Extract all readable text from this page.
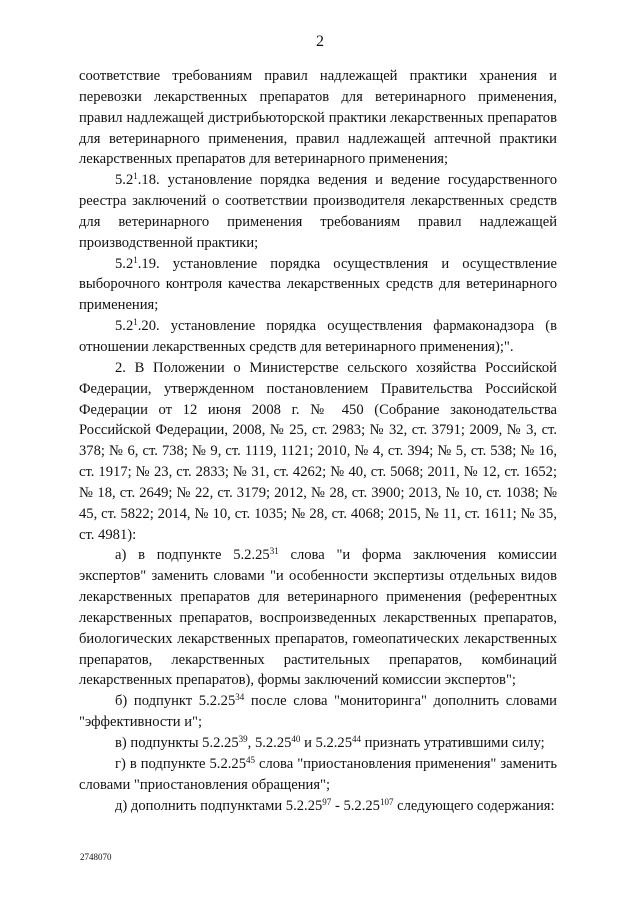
2

соответствие требованиям правил надлежащей практики хранения и перевозки лекарственных препаратов для ветеринарного применения, правил надлежащей дистрибьюторской практики лекарственных препаратов для ветеринарного применения, правил надлежащей аптечной практики лекарственных препаратов для ветеринарного применения;

$5.2^1.18$. установление порядка ведения и ведение государственного реестра заключений о соответствии производителя лекарственных средств для ветеринарного применения требованиям правил надлежащей производственной практики;

$5.2^1.19$. установление порядка осуществления и осуществление выборочного контроля качества лекарственных средств для ветеринарного применения;

$5.2^1.20$. установление порядка осуществления фармаконадзора (в отношении лекарственных средств для ветеринарного применения);".

2. В Положении о Министерстве сельского хозяйства Российской Федерации, утвержденном постановлением Правительства Российской Федерации от 12 июня 2008 г. № 450 (Собрание законодательства Российской Федерации, 2008, № 25, ст. 2983; № 32, ст. 3791; 2009, № 3, ст. 378; № 6, ст. 738; № 9, ст. 1119, 1121; 2010, № 4, ст. 394; № 5, ст. 538; № 16, ст. 1917; № 23, ст. 2833; № 31, ст. 4262; № 40, ст. 5068; 2011, № 12, ст. 1652; № 18, ст. 2649; № 22, ст. 3179; 2012, № 28, ст. 3900; 2013, № 10, ст. 1038; № 45, ст. 5822; 2014, № 10, ст. 1035; № 28, ст. 4068; 2015, № 11, ст. 1611; № 35, ст. 4981):

а) в подпункте 5.2.25$^{31}$ слова "и форма заключения комиссии экспертов" заменить словами "и особенности экспертизы отдельных видов лекарственных препаратов для ветеринарного применения (референтных лекарственных препаратов, воспроизведенных лекарственных препаратов, биологических лекарственных препаратов, гомеопатических лекарственных препаратов, лекарственных растительных препаратов, комбинаций лекарственных препаратов), формы заключений комиссии экспертов";

б) подпункт 5.2.25$^{34}$ после слова "мониторинга" дополнить словами "эффективности и";

в) подпункты 5.2.25$^{39}$, 5.2.25$^{40}$ и 5.2.25$^{44}$ признать утратившими силу;

г) в подпункте 5.2.25$^{45}$ слова "приостановления применения" заменить словами "приостановления обращения";

д) дополнить подпунктами 5.2.25$^{97}$ - 5.2.25$^{107}$ следующего содержания:

2748070
